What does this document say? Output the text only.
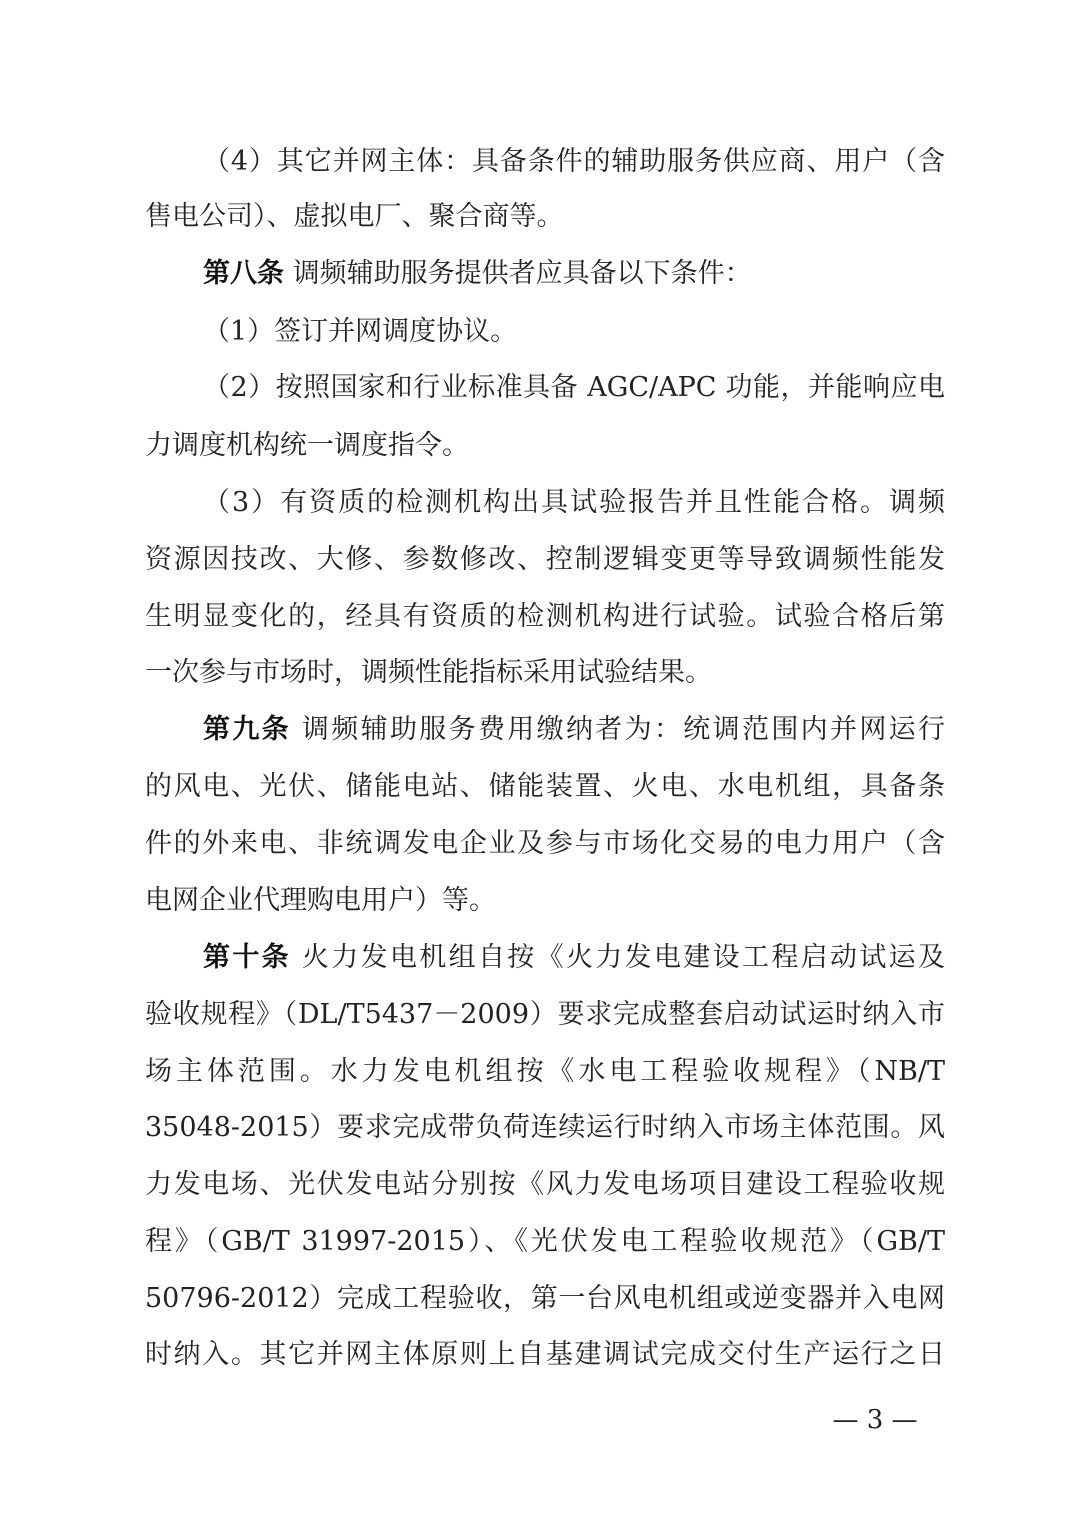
（4）其它并网主体：具备条件的辅助服务供应商、用户（含
售电公司）、虚拟电厂、聚合商等。
第八条 调频辅助服务提供者应具备以下条件：
（1）签订并网调度协议。
（2）按照国家和行业标准具备 AGC/APC 功能，并能响应电
力调度机构统一调度指令。
（3）有资质的检测机构出具试验报告并且性能合格。调频
资源因技改、大修、参数修改、控制逻辑变更等导致调频性能发
生明显变化的，经具有资质的检测机构进行试验。试验合格后第
一次参与市场时，调频性能指标采用试验结果。
第九条 调频辅助服务费用缴纳者为：统调范围内并网运行
的风电、光伏、储能电站、储能装置、火电、水电机组，具备条
件的外来电、非统调发电企业及参与市场化交易的电力用户（含
电网企业代理购电用户）等。
第十条 火力发电机组自按《火力发电建设工程启动试运及
验收规程》（DL/T5437－2009）要求完成整套启动试运时纳入市
场主体范围。水力发电机组按《水电工程验收规程》（NB/T
35048-2015）要求完成带负荷连续运行时纳入市场主体范围。风
力发电场、光伏发电站分别按《风力发电场项目建设工程验收规
程》（GB/T 31997-2015）、《光伏发电工程验收规范》（GB/T
50796-2012）完成工程验收，第一台风电机组或逆变器并入电网
时纳入。其它并网主体原则上自基建调试完成交付生产运行之日
— 3 —
